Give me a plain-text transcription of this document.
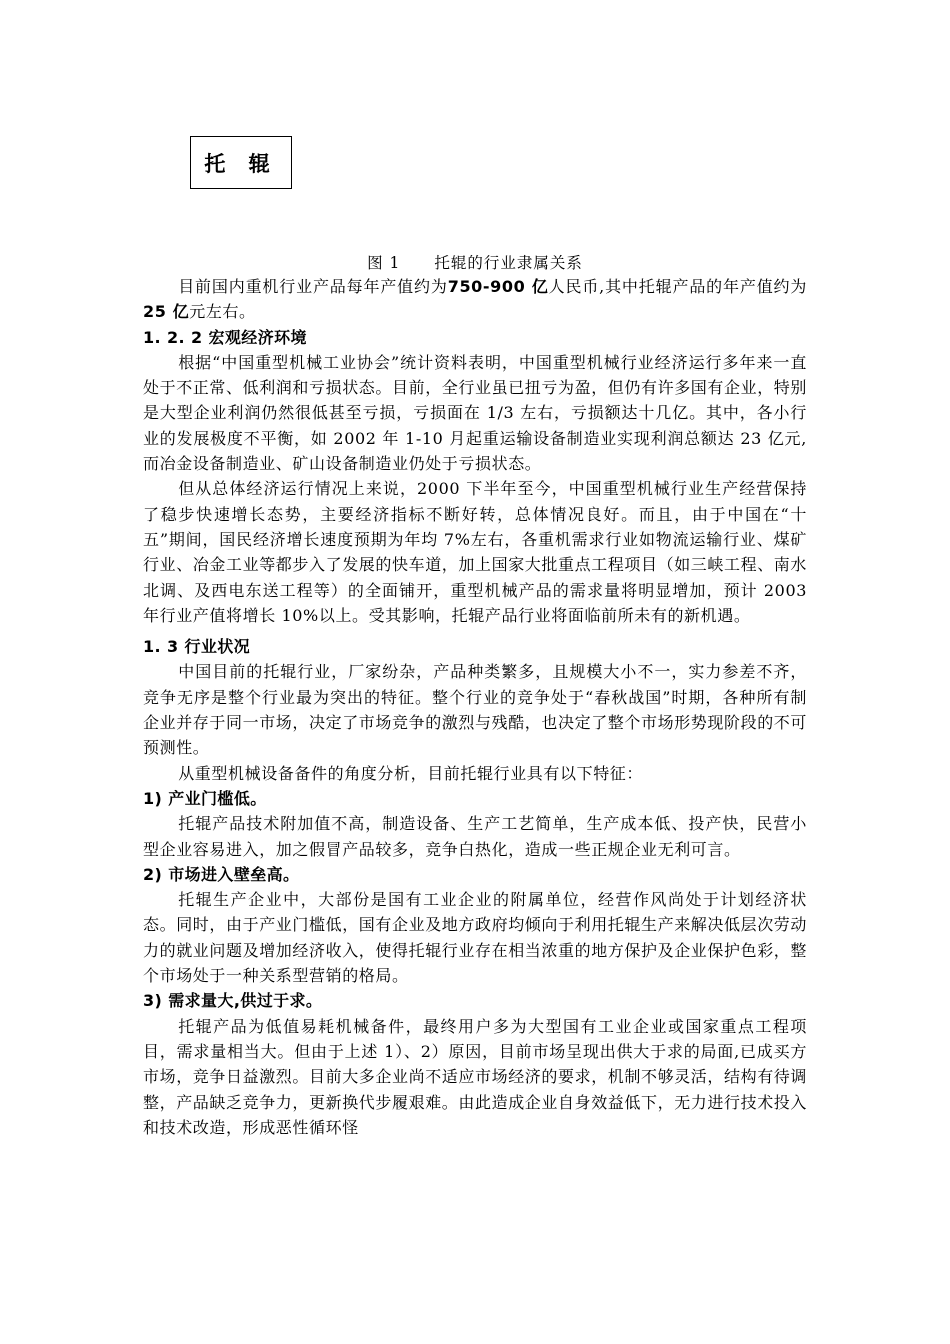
托 辊
图 1 托辊的行业隶属关系

目前国内重机行业产品每年产值约为750-900 亿人民币,其中托辊产品的年产值约为25 亿元左右。

1. 2. 2 宏观经济环境

根据“中国重型机械工业协会”统计资料表明，中国重型机械行业经济运行多年来一直处于不正常、低利润和亏损状态。目前，全行业虽已扭亏为盈，但仍有许多国有企业，特别是大型企业利润仍然很低甚至亏损，亏损面在 1/3 左右，亏损额达十几亿。其中，各小行业的发展极度不平衡，如 2002 年 1-10 月起重运输设备制造业实现利润总额达 23 亿元,而冶金设备制造业、矿山设备制造业仍处于亏损状态。

但从总体经济运行情况上来说，2000 下半年至今，中国重型机械行业生产经营保持了稳步快速增长态势，主要经济指标不断好转，总体情况良好。而且，由于中国在“十五”期间，国民经济增长速度预期为年均 7%左右，各重机需求行业如物流运输行业、煤矿行业、冶金工业等都步入了发展的快车道，加上国家大批重点工程项目（如三峡工程、南水北调、及西电东送工程等）的全面铺开，重型机械产品的需求量将明显增加，预计 2003 年行业产值将增长 10%以上。受其影响，托辊产品行业将面临前所未有的新机遇。

1. 3 行业状况

中国目前的托辊行业，厂家纷杂，产品种类繁多，且规模大小不一，实力参差不齐，竞争无序是整个行业最为突出的特征。整个行业的竞争处于“春秋战国”时期，各种所有制企业并存于同一市场，决定了市场竞争的激烈与残酷，也决定了整个市场形势现阶段的不可预测性。

从重型机械设备备件的角度分析，目前托辊行业具有以下特征：

1) 产业门槛低。

托辊产品技术附加值不高，制造设备、生产工艺简单，生产成本低、投产快，民营小型企业容易进入，加之假冒产品较多，竞争白热化，造成一些正规企业无利可言。

2) 市场进入壁垒高。

托辊生产企业中，大部份是国有工业企业的附属单位，经营作风尚处于计划经济状态。同时，由于产业门槛低，国有企业及地方政府均倾向于利用托辊生产来解决低层次劳动力的就业问题及增加经济收入，使得托辊行业存在相当浓重的地方保护及企业保护色彩，整个市场处于一种关系型营销的格局。

3) 需求量大,供过于求。

托辊产品为低值易耗机械备件，最终用户多为大型国有工业企业或国家重点工程项目，需求量相当大。但由于上述 1）、2）原因，目前市场呈现出供大于求的局面,已成买方市场，竞争日益激烈。目前大多企业尚不适应市场经济的要求，机制不够灵活，结构有待调整，产品缺乏竞争力，更新换代步履艰难。由此造成企业自身效益低下，无力进行技术投入和技术改造，形成恶性循环怪
